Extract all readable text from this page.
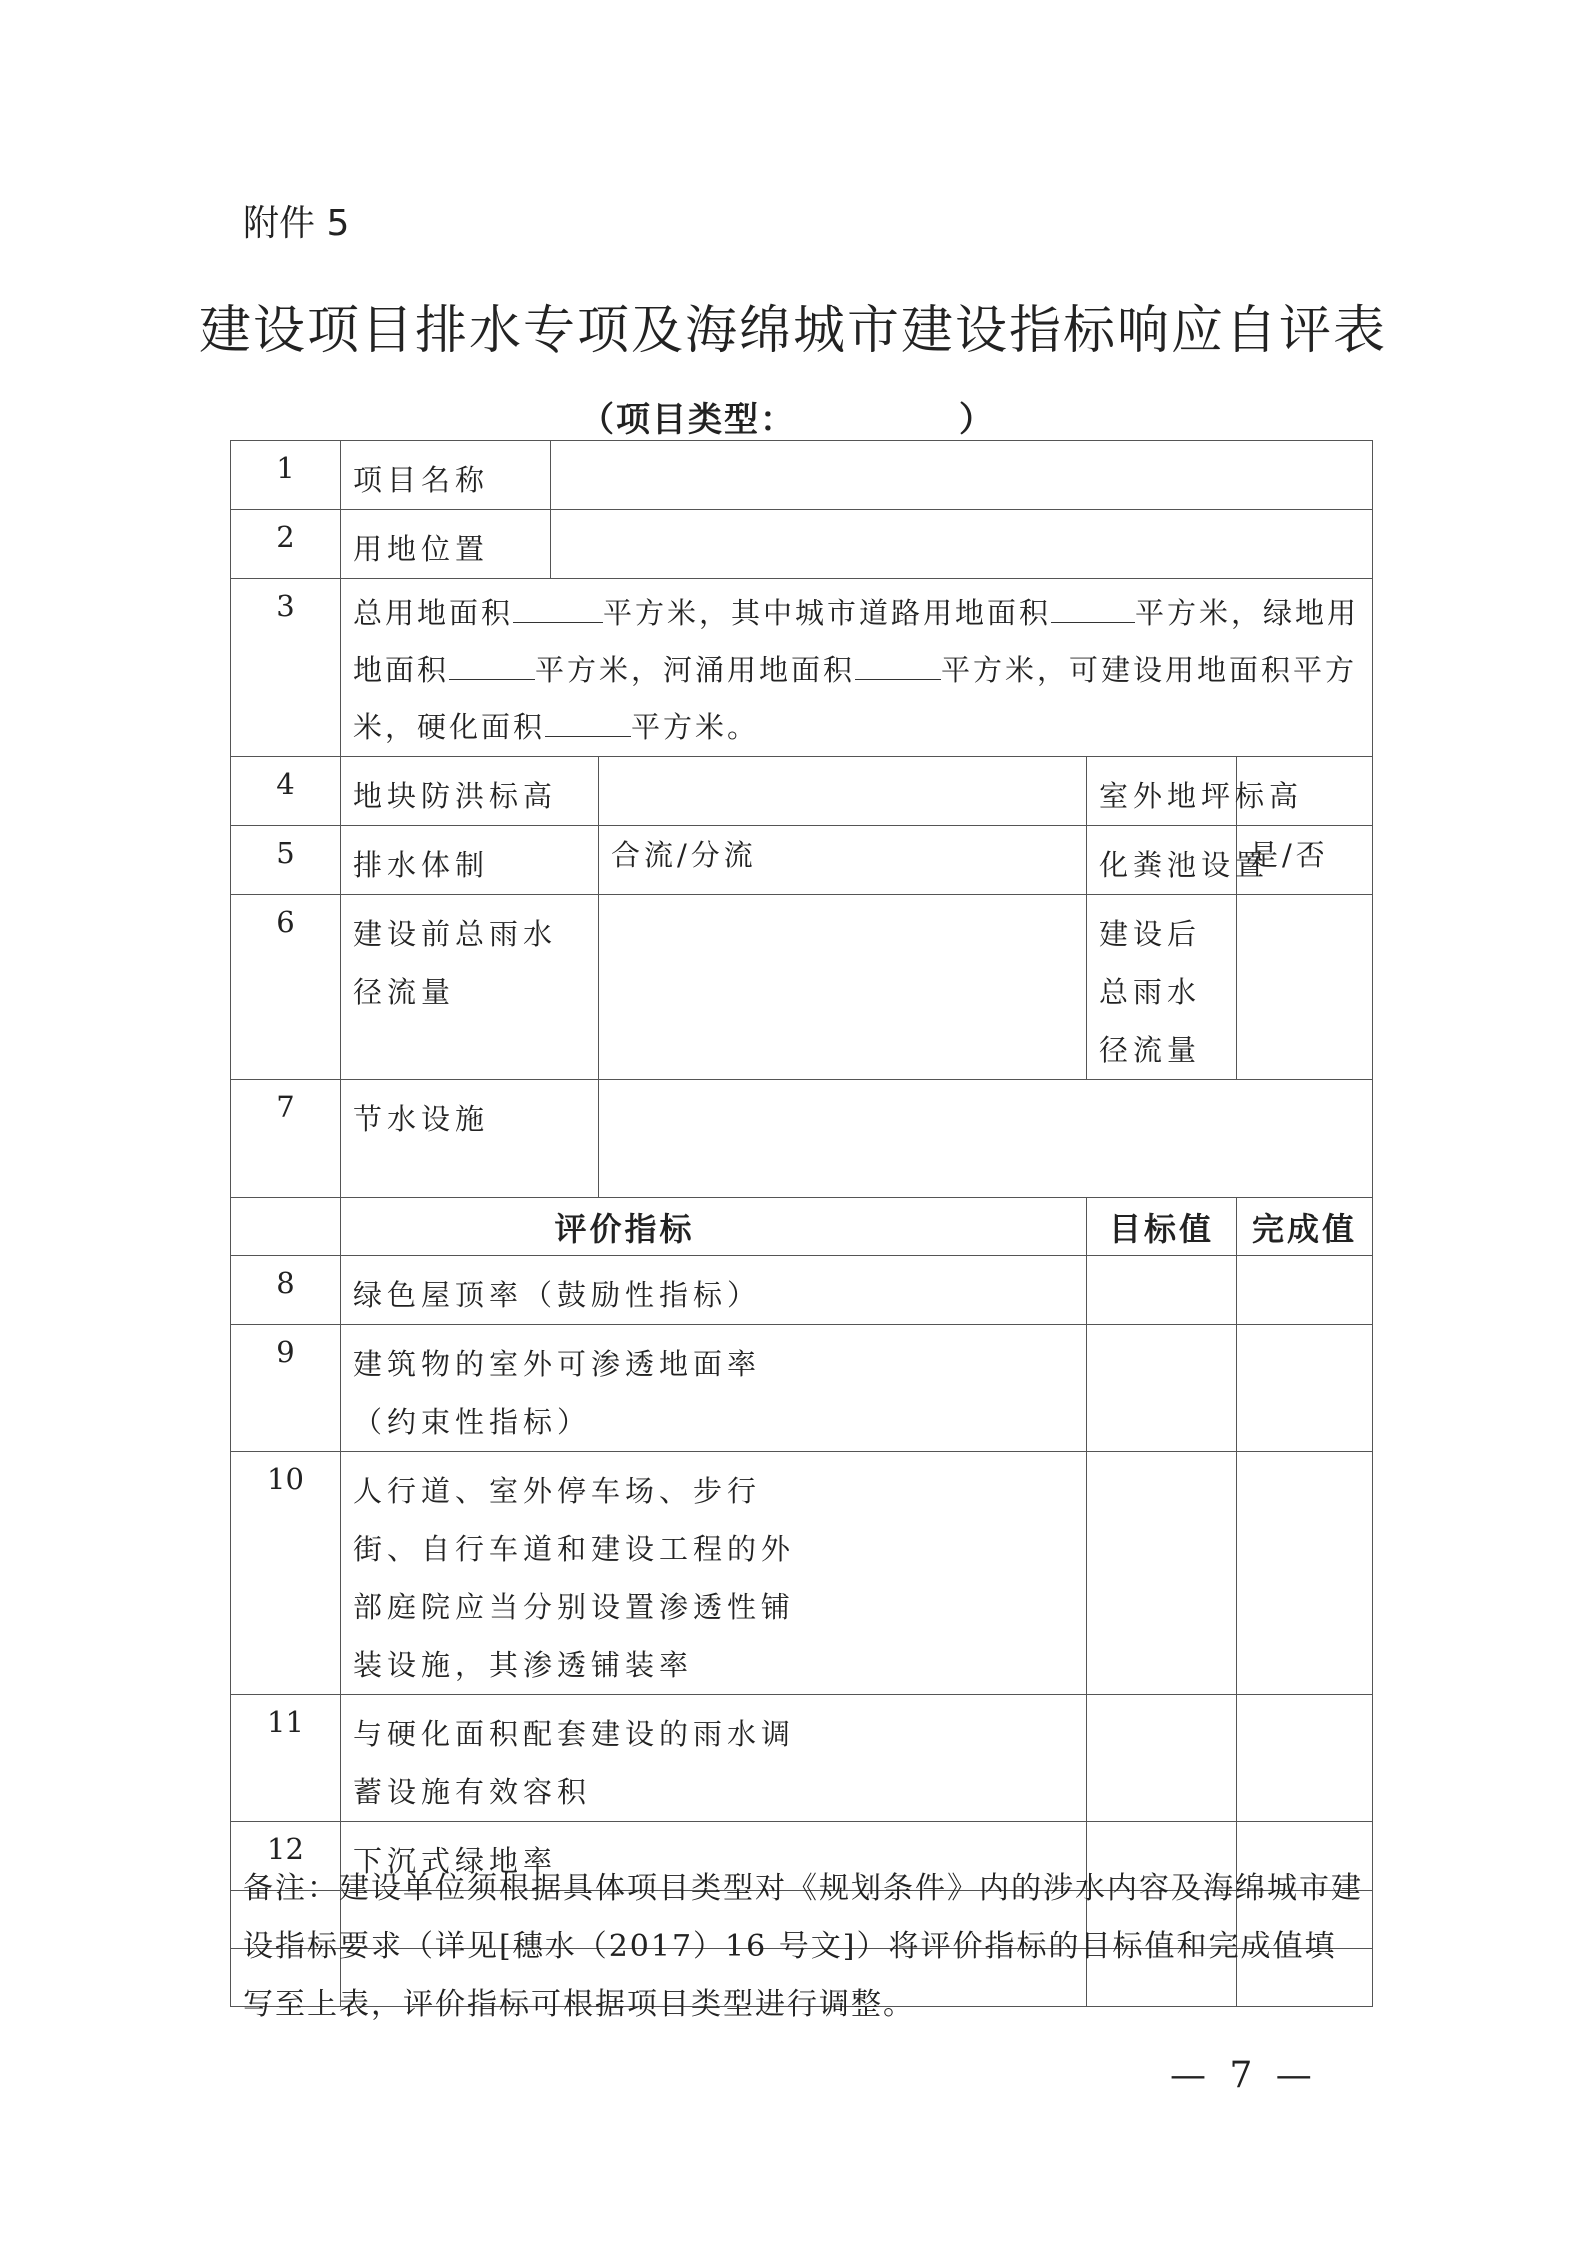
附件 5
建设项目排水专项及海绵城市建设指标响应自评表
（项目类型：　　　　　）
1	项目名称				
2	用地位置				
3	总用地面积 平方米，其中城市道路用地面积 平方米，绿地用地面积 平方米，河涌用地面积 平方米，可建设用地面积平方米，硬化面积 平方米。				

4	地块防洪标高			室外地坪标高	
5	排水体制		合流/分流	化粪池设置	是/否
6	建设前总雨水径流量			建设后总雨水径流量	
7	节水设施				
	评价指标			目标值	完成值
8	绿色屋顶率（鼓励性指标）				
9	建筑物的室外可渗透地面率（约束性指标）				
10	人行道、室外停车场、步行街、自行车道和建设工程的外部庭院应当分别设置渗透性铺装设施，其渗透铺装率				
11	与硬化面积配套建设的雨水调蓄设施有效容积				
12	下沉式绿地率				

备注：建设单位须根据具体项目类型对《规划条件》内的涉水内容及海绵城市建设指标要求（详见[穗水（2017）16 号文]）将评价指标的目标值和完成值填写至上表，评价指标可根据项目类型进行调整。
— 7 —
